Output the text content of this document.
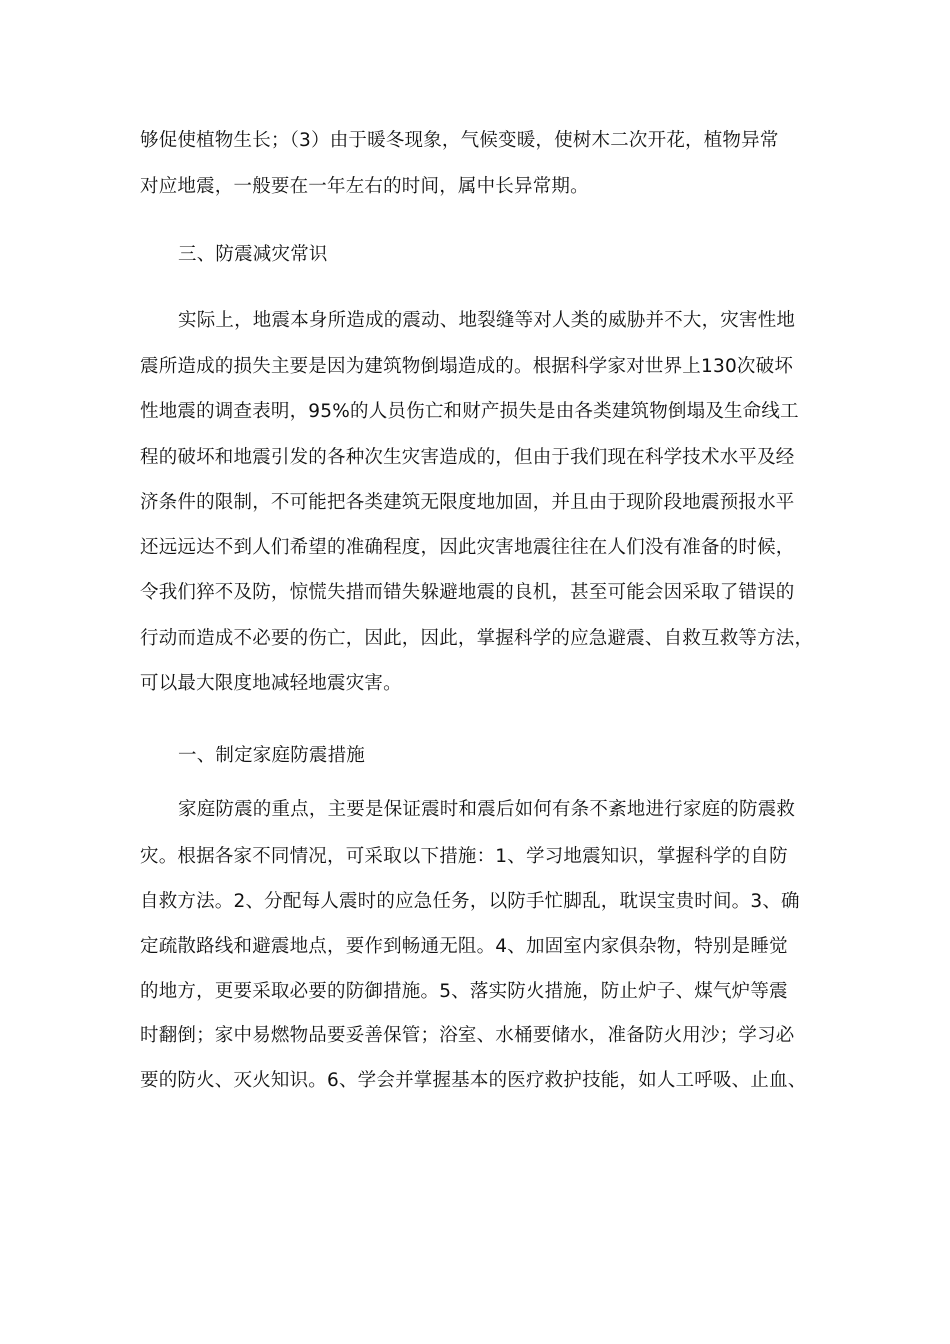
够促使植物生长；（3）由于暖冬现象，气候变暖，使树木二次开花，植物异常
对应地震，一般要在一年左右的时间，属中长异常期。
三、防震减灾常识
实际上，地震本身所造成的震动、地裂缝等对人类的威胁并不大，灾害性地
震所造成的损失主要是因为建筑物倒塌造成的。根据科学家对世界上130次破坏
性地震的调查表明，95%的人员伤亡和财产损失是由各类建筑物倒塌及生命线工
程的破坏和地震引发的各种次生灾害造成的，但由于我们现在科学技术水平及经
济条件的限制，不可能把各类建筑无限度地加固，并且由于现阶段地震预报水平
还远远达不到人们希望的准确程度，因此灾害地震往往在人们没有准备的时候，
令我们猝不及防，惊慌失措而错失躲避地震的良机，甚至可能会因采取了错误的
行动而造成不必要的伤亡，因此，因此，掌握科学的应急避震、自救互救等方法，
可以最大限度地减轻地震灾害。
一、制定家庭防震措施
家庭防震的重点，主要是保证震时和震后如何有条不紊地进行家庭的防震救
灾。根据各家不同情况，可采取以下措施：1、学习地震知识，掌握科学的自防
自救方法。2、分配每人震时的应急任务，以防手忙脚乱，耽误宝贵时间。3、确
定疏散路线和避震地点，要作到畅通无阻。4、加固室内家俱杂物，特别是睡觉
的地方，更要采取必要的防御措施。5、落实防火措施，防止炉子、煤气炉等震
时翻倒；家中易燃物品要妥善保管；浴室、水桶要储水，准备防火用沙；学习必
要的防火、灭火知识。6、学会并掌握基本的医疗救护技能，如人工呼吸、止血、
